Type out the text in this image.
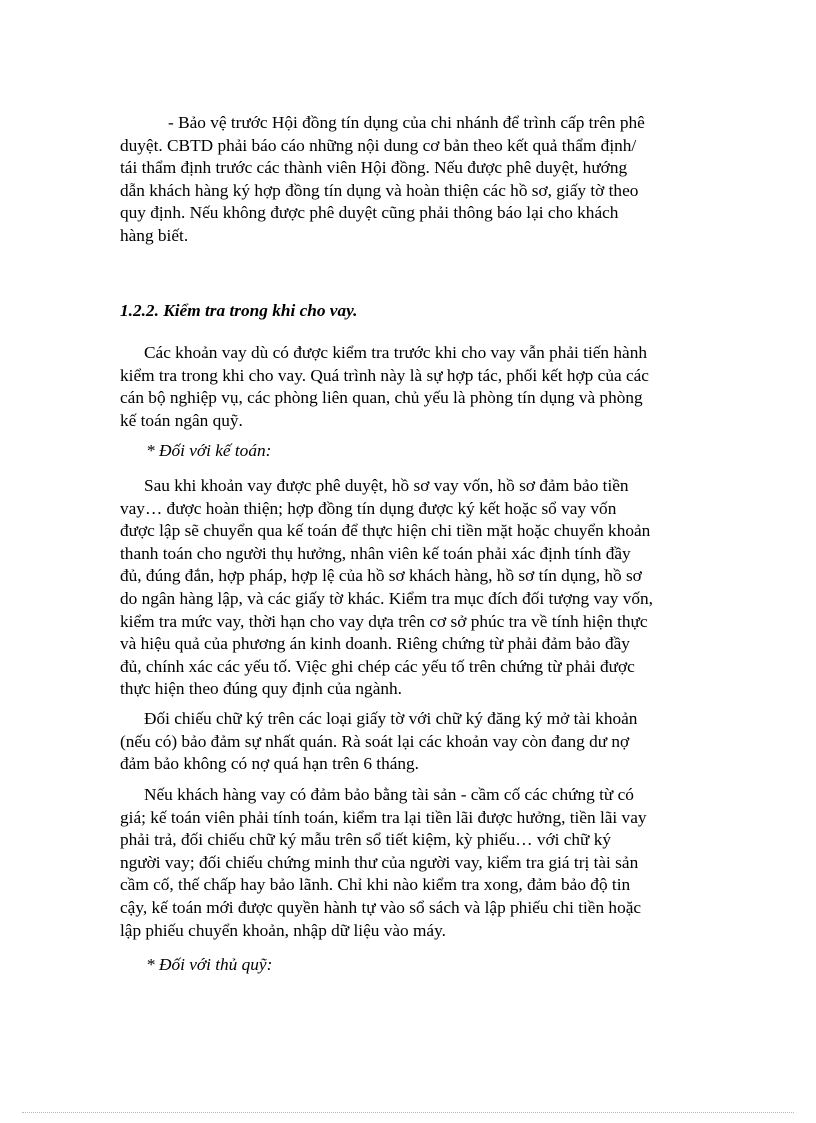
- Bảo vệ trước Hội đồng tín dụng của chi nhánh để trình cấp trên phê
duyệt. CBTD phải báo cáo những nội dung cơ bản theo kết quả thẩm định/
tái thẩm định trước các thành viên Hội đồng. Nếu được phê duyệt, hướng
dẫn khách hàng ký hợp đồng tín dụng và hoàn thiện các hồ sơ, giấy tờ theo
quy định. Nếu không được phê duyệt cũng phải thông báo lại cho khách
hàng biết.
1.2.2. Kiểm tra trong khi cho vay.
Các khoản vay dù có được kiểm tra trước khi cho vay vẫn phải tiến hành
kiểm tra trong khi cho vay. Quá trình này là sự hợp tác, phối kết hợp của các
cán bộ nghiệp vụ, các phòng liên quan, chủ yếu là phòng tín dụng và phòng
kế toán ngân quỹ.

* Đối với kế toán:

Sau khi khoản vay được phê duyệt, hồ sơ vay vốn, hồ sơ đảm bảo tiền
vay… được hoàn thiện; hợp đồng tín dụng được ký kết hoặc sổ vay vốn
được lập sẽ chuyển qua kế toán để thực hiện chi tiền mặt hoặc chuyển khoản
thanh toán cho người thụ hưởng, nhân viên kế toán phải xác định tính đầy
đủ, đúng đắn, hợp pháp, hợp lệ của hồ sơ khách hàng, hồ sơ tín dụng, hồ sơ
do ngân hàng lập, và các giấy tờ khác. Kiểm tra mục đích đối tượng vay vốn,
kiểm tra mức vay, thời hạn cho vay dựa trên cơ sở phúc tra về tính hiện thực
và hiệu quả của phương án kinh doanh. Riêng chứng từ phải đảm bảo đầy
đủ, chính xác các yếu tố. Việc ghi chép các yếu tố trên chứng từ phải được
thực hiện theo đúng quy định của ngành.
Đối chiếu chữ ký trên các loại giấy tờ với chữ ký đăng ký mở tài khoản
(nếu có) bảo đảm sự nhất quán. Rà soát lại các khoản vay còn đang dư nợ
đảm bảo không có nợ quá hạn trên 6 tháng.
Nếu khách hàng vay có đảm bảo bằng tài sản - cầm cố các chứng từ có
giá; kế toán viên phải tính toán, kiểm tra lại tiền lãi được hưởng, tiền lãi vay
phải trả, đối chiếu chữ ký mẫu trên sổ tiết kiệm, kỳ phiếu… với chữ ký
người vay; đối chiếu chứng minh thư của người vay, kiểm tra giá trị tài sản
cầm cố, thế chấp hay bảo lãnh. Chỉ khi nào kiểm tra xong, đảm bảo độ tin
cậy, kế toán mới được quyền hành tự vào sổ sách và lập phiếu chi tiền hoặc
lập phiếu chuyển khoản, nhập dữ liệu vào máy.

* Đối với thủ quỹ:
